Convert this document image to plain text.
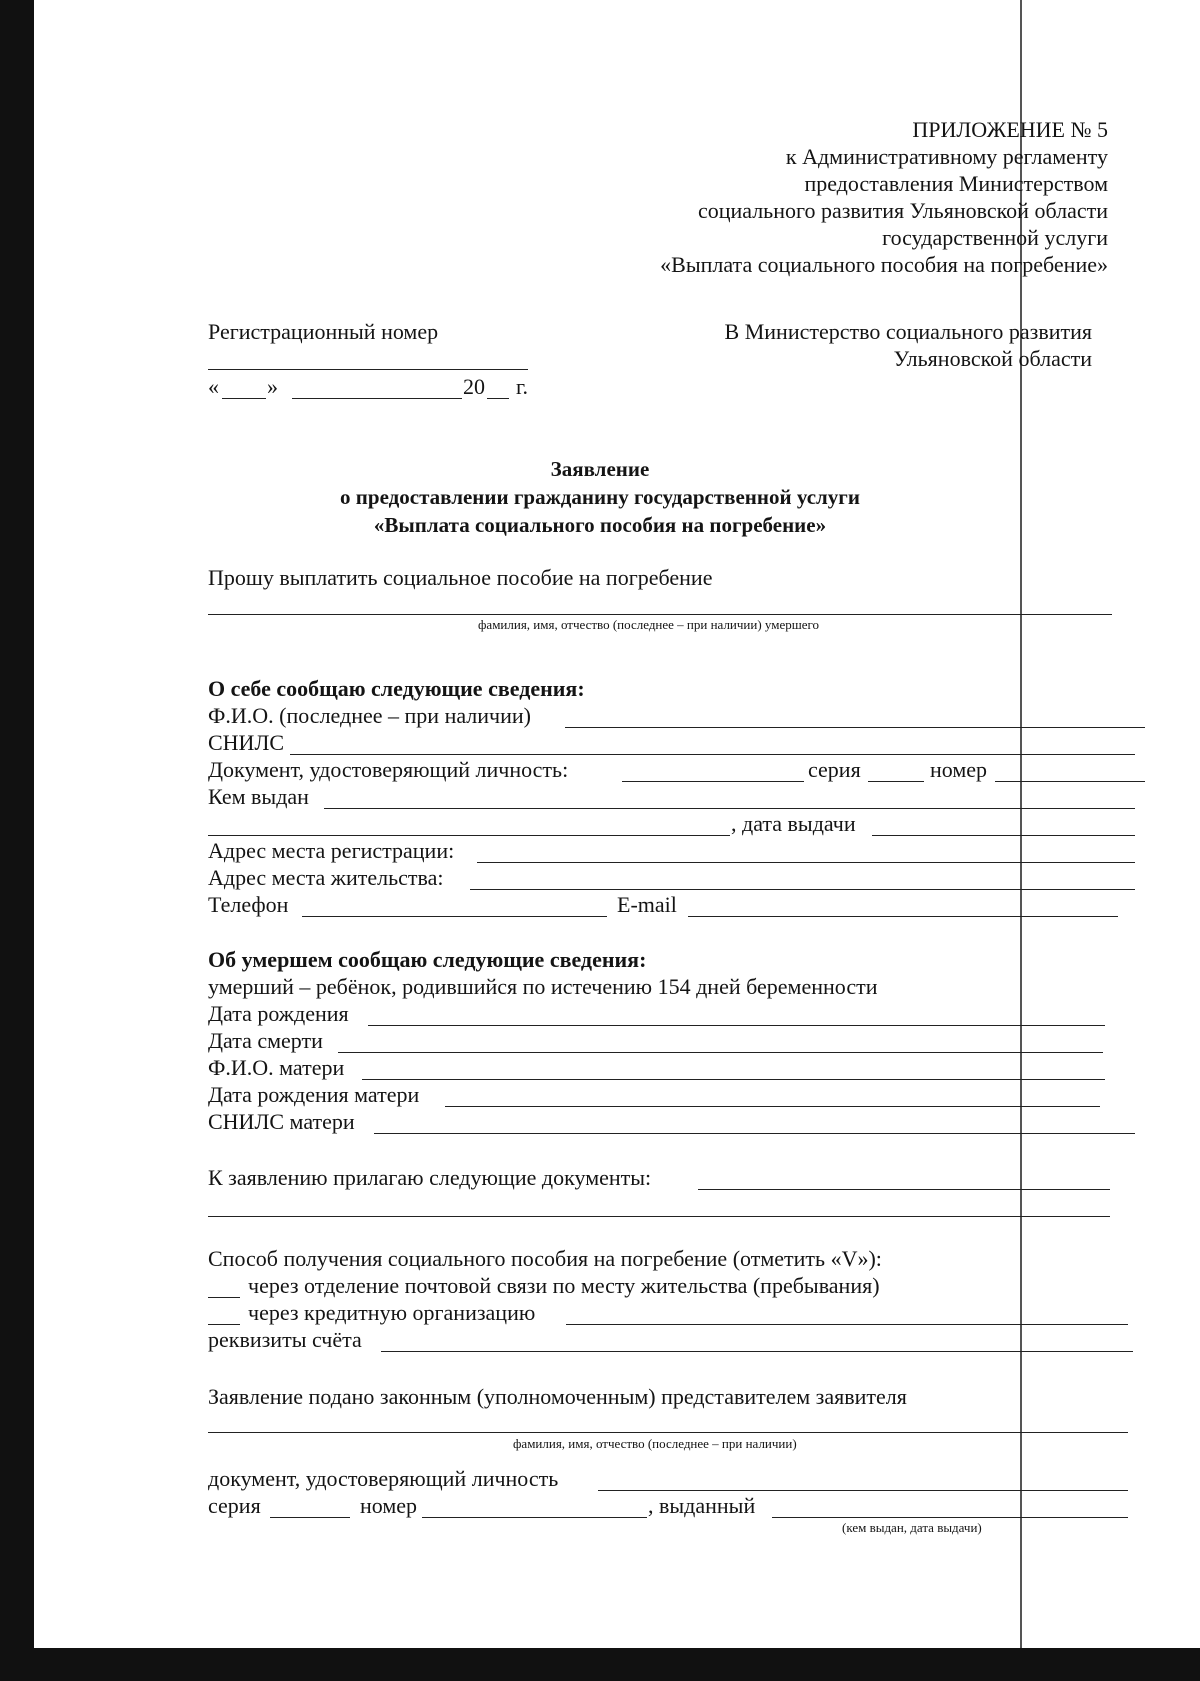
ПРИЛОЖЕНИЕ № 5
к Административному регламенту
предоставления Министерством
социального развития Ульяновской области
государственной услуги
«Выплата социального пособия на погребение»
Регистрационный номер
« »	20 г.
В Министерство социального развития
Ульяновской области
Заявление
о предоставлении гражданину государственной услуги
«Выплата социального пособия на погребение»
Прошу выплатить социальное пособие на погребение
фамилия, имя, отчество (последнее – при наличии) умершего
О себе сообщаю следующие сведения:
Ф.И.О. (последнее – при наличии)
СНИЛС
Документ, удостоверяющий личность:	серия	номер
Кем выдан
, дата выдачи
Адрес места регистрации:
Адрес места жительства:
Телефон	E-mail
Об умершем сообщаю следующие сведения:
умерший – ребёнок, родившийся по истечению 154 дней беременности
Дата рождения
Дата смерти
Ф.И.О. матери
Дата рождения матери
СНИЛС матери
К заявлению прилагаю следующие документы:
Способ получения социального пособия на погребение (отметить «V»):
через отделение почтовой связи по месту жительства (пребывания)
через кредитную организацию
реквизиты счёта
Заявление подано законным (уполномоченным) представителем заявителя
фамилия, имя, отчество (последнее – при наличии)
документ, удостоверяющий личность
серия	номер	, выданный
(кем выдан, дата выдачи)
